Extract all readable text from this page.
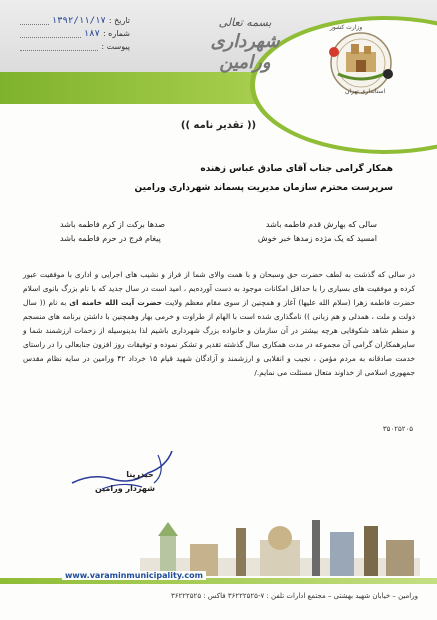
وزارت کشور
استانداری تهران
بسمه تعالی
شهرداری ورامین
تاریخ :
۱۳۹۲/۱۱/۱۷
شماره :
۱۸۷
پیوست :
(( تقدیر نامه ))
همکار گرامی جناب آقای صادق عباس زهنده
سرپرست محترم سازمان مدیریت پسماند شهرداری ورامین
سالی که بهارش قدم فاطمه باشد
صدها برکت از کرم فاطمه باشد
امسید که یک مژده زمدها خبر خوش
پیغام فرج در حرم فاطمه باشد
در سالی که گذشت به لطف حضرت حق وسبحان و با همت والای شما از فراز و نشیب های اجرایی و اداری با موفقیت عبور کرده و موفقیت های بسیاری را با حداقل امکانات موجود به دست آورده‌یم ، امید است در سال جدید که با نام بزرگ بانوی اسلام حضرت فاطمه زهرا (سلام الله علیها) آغاز و همچنین از سوی مقام معظم ولایت حضرت آیت الله خامنه ای به نام (( سال دولت و ملت ، همدلی و هم زبانی )) نامگذاری شده است با الهام از طراوت و خرمی بهار وهمچنین با داشتن برنامه های منسجم و منظم شاهد شکوفایی هرچه بیشتر در آن سازمان و خانواده بزرگ شهرداری باشیم لذا بدینوسیله از زحمات ارزشمند شما و سایرهمکاران گرامی آن مجموعه در مدت همکاری سال گذشته تقدیر و تشکر نموده و توفیقات روز افزون جنابعالی را در راستای خدمت صادقانه به مردم مؤمن ، نجیب و انقلابی و ارزشمند و آزادگان شهید قیام ۱۵ خرداد ۴۲ ورامین در سایه نظام مقدس جمهوری اسلامی از خداوند متعال مسئلت می نمایم./
۳۵۰۲۵۲۰۵
حیدرپنا
شهردار ورامین
www.varaminmunicipality.com
ورامین – خیابان شهید بهشتی – مجتمع ادارات تلفن : ۷-۳۶۲۲۲۵۲۵ فاکس : ۳۶۲۲۲۵۲۵
